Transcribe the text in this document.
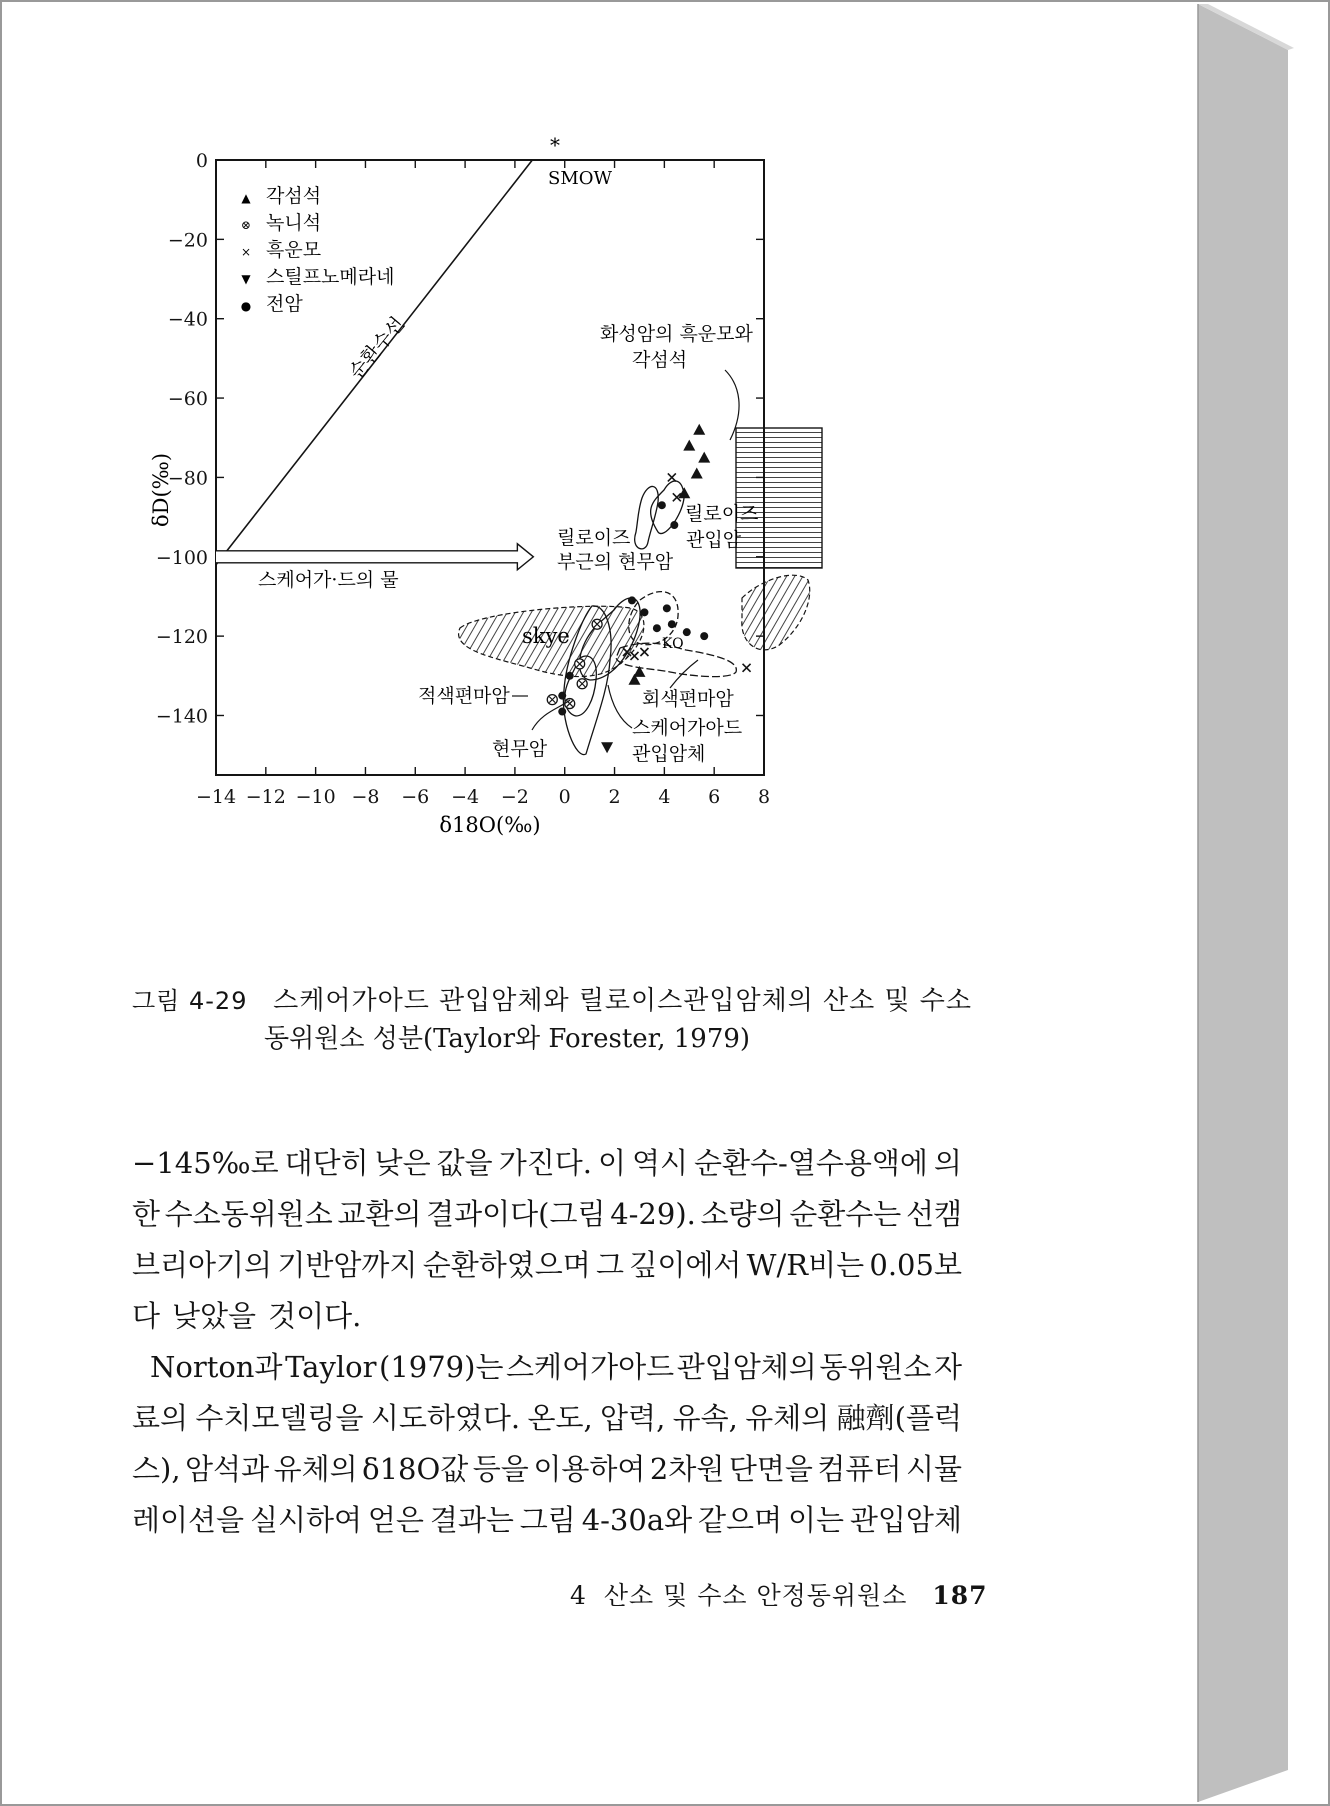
−14 −12 −10 −8 −6 −4 −2 0 2 4 6 8
0
−20
−40
−60
−80
−100
−120
−140
▲ 각섬석
⊗ 녹니석
× 흑운모
▼ 스틸프노메라네
● 전암
*
SMOW
순환수선	화성암의 흑운모와
각섬석
릴로이즈
관입암
릴로이즈
부근의 현무암
스케어가·드의 물
skye	KO
적색편마암	회색편마암
현무암
스케어가아드
관입암체
δ18O(‰)
δD(‰)
그림 4-29 스케어가아드 관입암체와 릴로이스관입암체의 산소 및 수소
동위원소 성분(Taylor와 Forester, 1979)
−145‰로 대단히 낮은 값을 가진다. 이 역시 순환수-열수용액에 의
한 수소동위원소 교환의 결과이다(그림 4-29). 소량의 순환수는 선캠
브리아기의 기반암까지 순환하였으며 그 깊이에서 W/R비는 0.05보
다 낮았을 것이다.
Norton과 Taylor (1979)는 스케어가아드 관입암체의 동위원소 자
료의 수치모델링을 시도하였다. 온도, 압력, 유속, 유체의 融劑(플럭
스), 암석과 유체의 δ18O값 등을 이용하여 2차원 단면을 컴퓨터 시뮬
레이션을 실시하여 얻은 결과는 그림 4-30a와 같으며 이는 관입암체
4 산소 및 수소 안정동위원소 187
